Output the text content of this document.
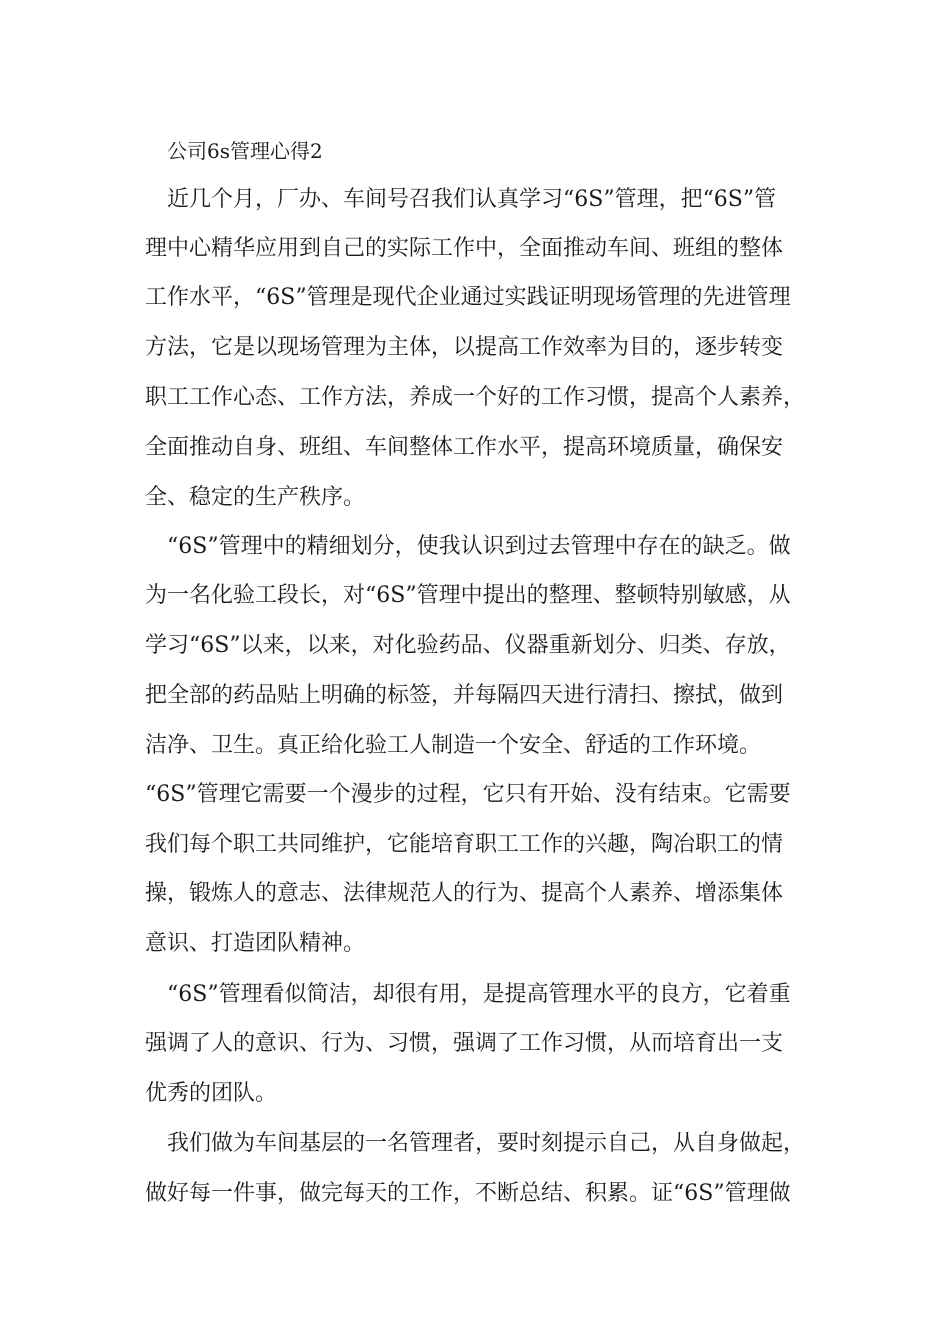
公司6s管理心得2
近几个月，厂办、车间号召我们认真学习“6S”管理，把“6S”管
理中心精华应用到自己的实际工作中，全面推动车间、班组的整体
工作水平，“6S”管理是现代企业通过实践证明现场管理的先进管理
方法，它是以现场管理为主体，以提高工作效率为目的，逐步转变
职工工作心态、工作方法，养成一个好的工作习惯，提高个人素养，
全面推动自身、班组、车间整体工作水平，提高环境质量，确保安
全、稳定的生产秩序。
“6S”管理中的精细划分，使我认识到过去管理中存在的缺乏。做
为一名化验工段长，对“6S”管理中提出的整理、整顿特别敏感，从
学习“6S”以来，以来，对化验药品、仪器重新划分、归类、存放，
把全部的药品贴上明确的标签，并每隔四天进行清扫、擦拭，做到
洁净、卫生。真正给化验工人制造一个安全、舒适的工作环境。
“6S”管理它需要一个漫步的过程，它只有开始、没有结束。它需要
我们每个职工共同维护，它能培育职工工作的兴趣，陶冶职工的情
操，锻炼人的意志、法律规范人的行为、提高个人素养、增添集体
意识、打造团队精神。
“6S”管理看似简洁，却很有用，是提高管理水平的良方，它着重
强调了人的意识、行为、习惯，强调了工作习惯，从而培育出一支
优秀的团队。
我们做为车间基层的一名管理者，要时刻提示自己，从自身做起，
做好每一件事，做完每天的工作，不断总结、积累。证“6S”管理做
